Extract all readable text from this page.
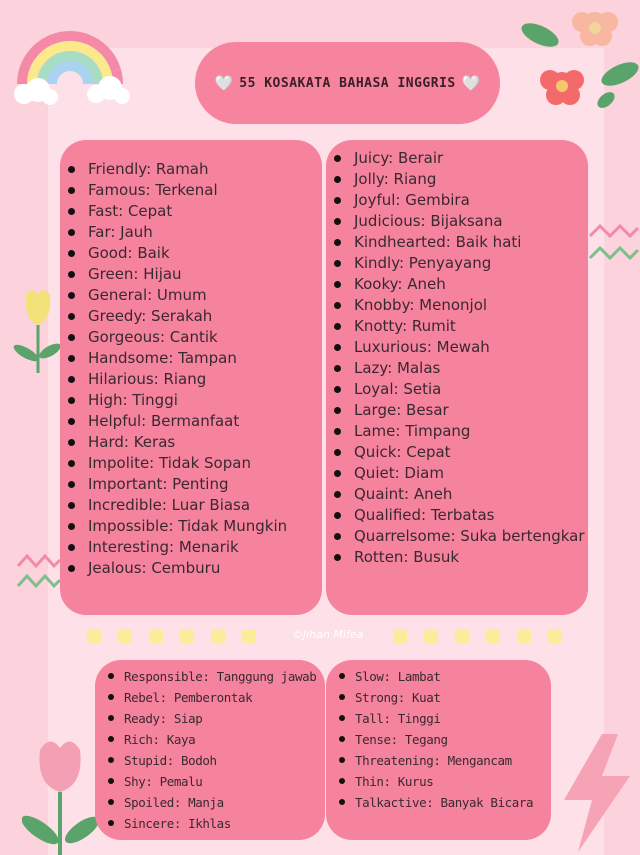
🤍 55 KOSAKATA BAHASA INGGRIS 🤍
Friendly: Ramah
Famous: Terkenal
Fast: Cepat
Far: Jauh
Good: Baik
Green: Hijau
General: Umum
Greedy: Serakah
Gorgeous: Cantik
Handsome: Tampan
Hilarious: Riang
High: Tinggi
Helpful: Bermanfaat
Hard: Keras
Impolite: Tidak Sopan
Important: Penting
Incredible: Luar Biasa
Impossible: Tidak Mungkin
Interesting: Menarik
Jealous: Cemburu
Juicy: Berair
Jolly: Riang
Joyful: Gembira
Judicious: Bijaksana
Kindhearted: Baik hati
Kindly: Penyayang
Kooky: Aneh
Knobby: Menonjol
Knotty: Rumit
Luxurious: Mewah
Lazy: Malas
Loyal: Setia
Large: Besar
Lame: Timpang
Quick: Cepat
Quiet: Diam
Quaint: Aneh
Qualified: Terbatas
Quarrelsome: Suka bertengkar
Rotten: Busuk
©Jihan Mifea
Responsible: Tanggung jawab
Rebel: Pemberontak
Ready: Siap
Rich: Kaya
Stupid: Bodoh
Shy: Pemalu
Spoiled: Manja
Sincere: Ikhlas
Slow: Lambat
Strong: Kuat
Tall: Tinggi
Tense: Tegang
Threatening: Mengancam
Thin: Kurus
Talkactive: Banyak Bicara
